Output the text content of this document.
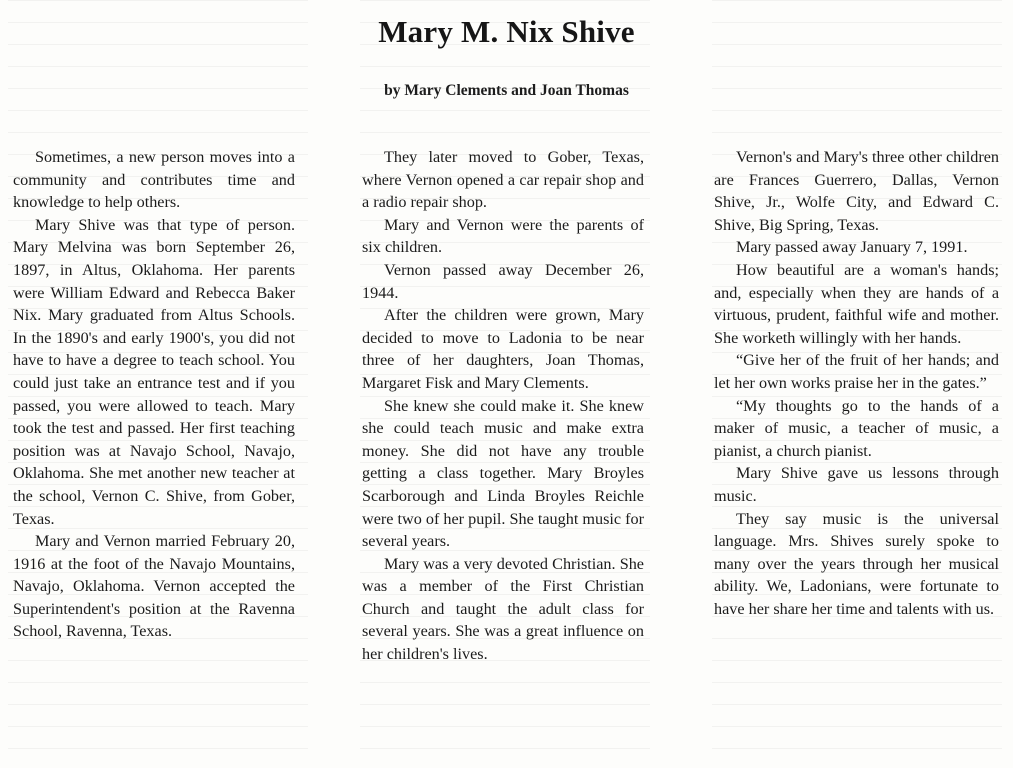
Mary M. Nix Shive
by Mary Clements and Joan Thomas

Sometimes, a new person moves into a community and contributes time and knowledge to help others.

Mary Shive was that type of person. Mary Melvina was born September 26, 1897, in Altus, Oklahoma. Her parents were William Edward and Rebecca Baker Nix. Mary graduated from Altus Schools. In the 1890's and early 1900's, you did not have to have a degree to teach school. You could just take an entrance test and if you passed, you were allowed to teach. Mary took the test and passed. Her first teaching position was at Navajo School, Navajo, Oklahoma. She met another new teacher at the school, Vernon C. Shive, from Gober, Texas.

Mary and Vernon married February 20, 1916 at the foot of the Navajo Mountains, Navajo, Oklahoma. Vernon accepted the Superintendent's position at the Ravenna School, Ravenna, Texas.

They later moved to Gober, Texas, where Vernon opened a car repair shop and a radio repair shop.

Mary and Vernon were the parents of six children.

Vernon passed away December 26, 1944.

After the children were grown, Mary decided to move to Ladonia to be near three of her daughters, Joan Thomas, Margaret Fisk and Mary Clements.

She knew she could make it. She knew she could teach music and make extra money. She did not have any trouble getting a class together. Mary Broyles Scarborough and Linda Broyles Reichle were two of her pupil. She taught music for several years.

Mary was a very devoted Christian. She was a member of the First Christian Church and taught the adult class for several years. She was a great influence on her children's lives.

Vernon's and Mary's three other children are Frances Guerrero, Dallas, Vernon Shive, Jr., Wolfe City, and Edward C. Shive, Big Spring, Texas.

Mary passed away January 7, 1991.

How beautiful are a woman's hands; and, especially when they are hands of a virtuous, prudent, faithful wife and mother. She worketh willingly with her hands.

“Give her of the fruit of her hands; and let her own works praise her in the gates.”

“My thoughts go to the hands of a maker of music, a teacher of music, a pianist, a church pianist.

Mary Shive gave us lessons through music.

They say music is the universal language. Mrs. Shives surely spoke to many over the years through her musical ability. We, Ladonians, were fortunate to have her share her time and talents with us.
